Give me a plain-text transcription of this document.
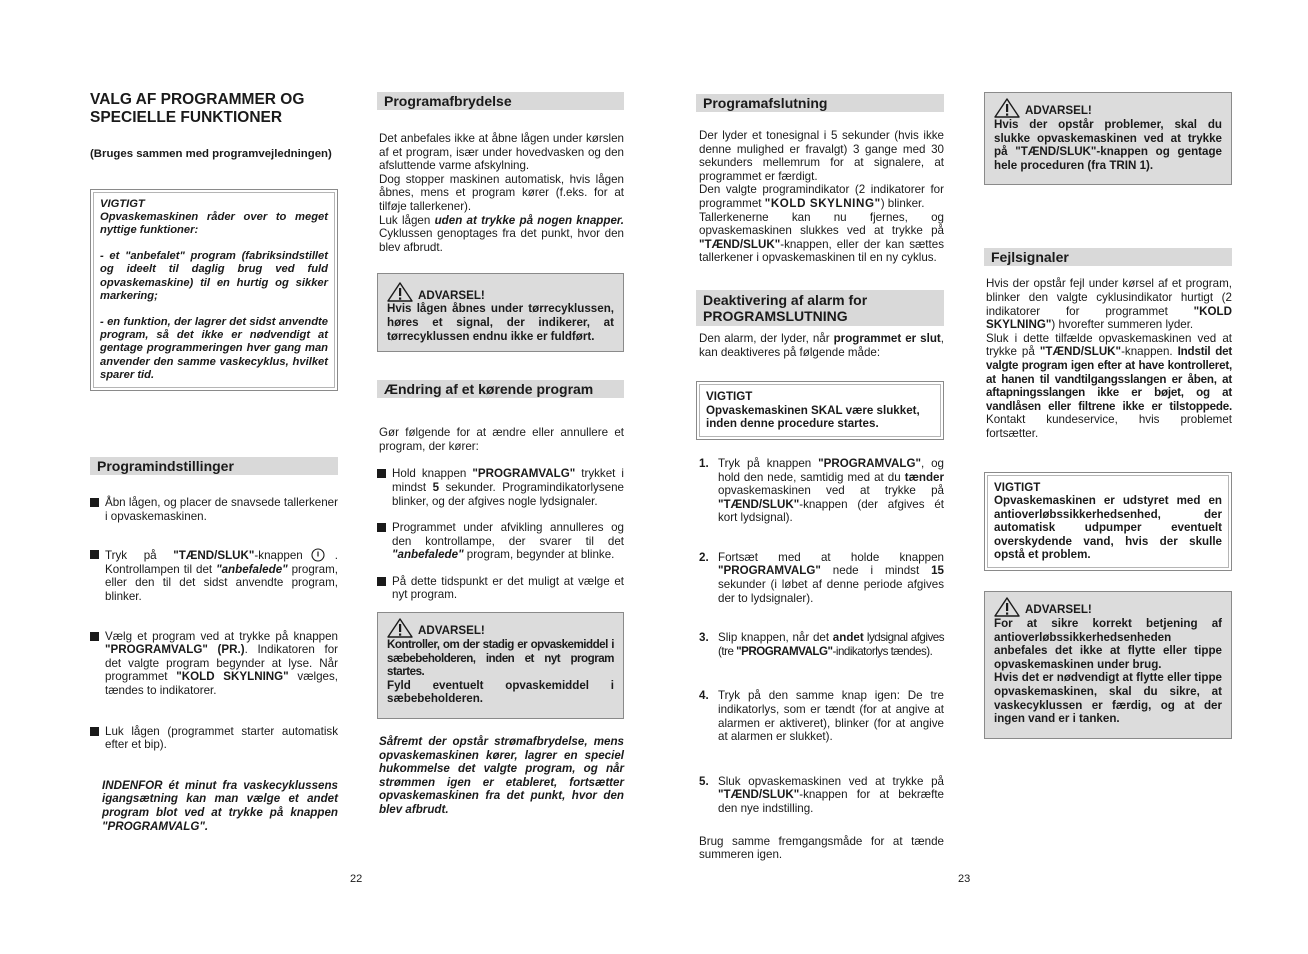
VALG AF PROGRAMMER OG SPECIELLE FUNKTIONER
(Bruges sammen med programvejledningen)
VIGTIGT
Opvaskemaskinen råder over to meget nyttige funktioner:
- et "anbefalet" program (fabriksindstillet og ideelt til daglig brug ved fuld opvaskemaskine) til en hurtig og sikker markering;
- en funktion, der lagrer det sidst anvendte program, så det ikke er nødvendigt at gentage programmeringen hver gang man anvender den samme vaskecyklus, hvilket sparer tid.
Programindstillinger
Åbn lågen, og placer de snavsede tallerkener i opvaskemaskinen.
Tryk på "TÆND/SLUK"-knappen	. Kontrollampen til det "anbefalede" program, eller den til det sidst anvendte program, blinker.
Vælg et program ved at trykke på knappen "PROGRAMVALG" (PR.). Indikatoren for det valgte program begynder at lyse. Når programmet "KOLD SKYLNING" vælges, tændes to indikatorer.
Luk lågen (programmet starter automatisk efter et bip).
INDENFOR ét minut fra vaskecyklussens igangsætning kan man vælge et andet program blot ved at trykke på knappen "PROGRAMVALG".
22
Programafbrydelse

Det anbefales ikke at åbne lågen under kørslen af et program, især under hovedvasken og den afsluttende varme afskylning.

Dog stopper maskinen automatisk, hvis lågen åbnes, mens et program kører (f.eks. for at tilføje tallerkener).

Luk lågen uden at trykke på nogen knapper. Cyklussen genoptages fra det punkt, hvor den blev afbrudt.

ADVARSEL!
Hvis lågen åbnes under tørrecyklussen, høres et signal, der indikerer, at tørrecyklussen endnu ikke er fuldført.
Ændring af et kørende program
Gør følgende for at ændre eller annullere et program, der kører:
Hold knappen "PROGRAMVALG" trykket i mindst 5 sekunder. Programindikatorlysene blinker, og der afgives nogle lydsignaler.
Programmet under afvikling annulleres og den kontrollampe, der svarer til det "anbefalede" program, begynder at blinke.
På dette tidspunkt er det muligt at vælge et nyt program.
ADVARSEL!
Kontroller, om der stadig er opvaskemiddel i sæbebeholderen, inden et nyt program startes.
Fyld eventuelt opvaskemiddel i sæbebeholderen.
Såfremt der opstår strømafbrydelse, mens opvaskemaskinen kører, lagrer en speciel hukommelse det valgte program, og når strømmen igen er etableret, fortsætter opvaskemaskinen fra det punkt, hvor den blev afbrudt.
Programafslutning

Der lyder et tonesignal i 5 sekunder (hvis ikke denne mulighed er fravalgt) 3 gange med 30 sekunders mellemrum for at signalere, at programmet er færdigt.

Den valgte programindikator (2 indikatorer for programmet "KOLD SKYLNING") blinker.

Tallerkenerne kan nu fjernes, og opvaskemaskinen slukkes ved at trykke på "TÆND/SLUK"-knappen, eller der kan sættes tallerkener i opvaskemaskinen til en ny cyklus.

Deaktivering af alarm for PROGRAMSLUTNING
Den alarm, der lyder, når programmet er slut, kan deaktiveres på følgende måde:
VIGTIGT
Opvaskemaskinen SKAL være slukket, inden denne procedure startes.
1. Tryk på knappen "PROGRAMVALG", og hold den nede, samtidig med at du tænder opvaskemaskinen ved at trykke på "TÆND/SLUK"-knappen (der afgives ét kort lydsignal).
2. Fortsæt med at holde knappen "PROGRAMVALG" nede i mindst 15 sekunder (i løbet af denne periode afgives der to lydsignaler).
3. Slip knappen, når det andet lydsignal afgives (tre "PROGRAMVALG"-indikatorlys tændes).
4. Tryk på den samme knap igen: De tre indikatorlys, som er tændt (for at angive at alarmen er aktiveret), blinker (for at angive at alarmen er slukket).
5. Sluk opvaskemaskinen ved at trykke på "TÆND/SLUK"-knappen for at bekræfte den nye indstilling.
Brug samme fremgangsmåde for at tænde summeren igen.
23
ADVARSEL!
Hvis der opstår problemer, skal du slukke opvaskemaskinen ved at trykke på "TÆND/SLUK"-knappen og gentage hele proceduren (fra TRIN 1).
Fejlsignaler

Hvis der opstår fejl under kørsel af et program, blinker den valgte cyklusindikator hurtigt (2 indikatorer for programmet "KOLD SKYLNING") hvorefter summeren lyder.

Sluk i dette tilfælde opvaskemaskinen ved at trykke på "TÆND/SLUK"-knappen. Indstil det valgte program igen efter at have kontrolleret, at hanen til vandtilgangsslangen er åben, at aftapningsslangen ikke er bøjet, og at vandlåsen eller filtrene ikke er tilstoppede. Kontakt kundeservice, hvis problemet fortsætter.

VIGTIGT
Opvaskemaskinen er udstyret med en antioverløbssikkerhedsenhed, der automatisk udpumper eventuelt overskydende vand, hvis der skulle opstå et problem.
ADVARSEL!
For at sikre korrekt betjening af antioverløbssikkerhedsenheden anbefales det ikke at flytte eller tippe opvaskemaskinen under brug.
Hvis det er nødvendigt at flytte eller tippe opvaskemaskinen, skal du sikre, at vaskecyklussen er færdig, og at der ingen vand er i tanken.
